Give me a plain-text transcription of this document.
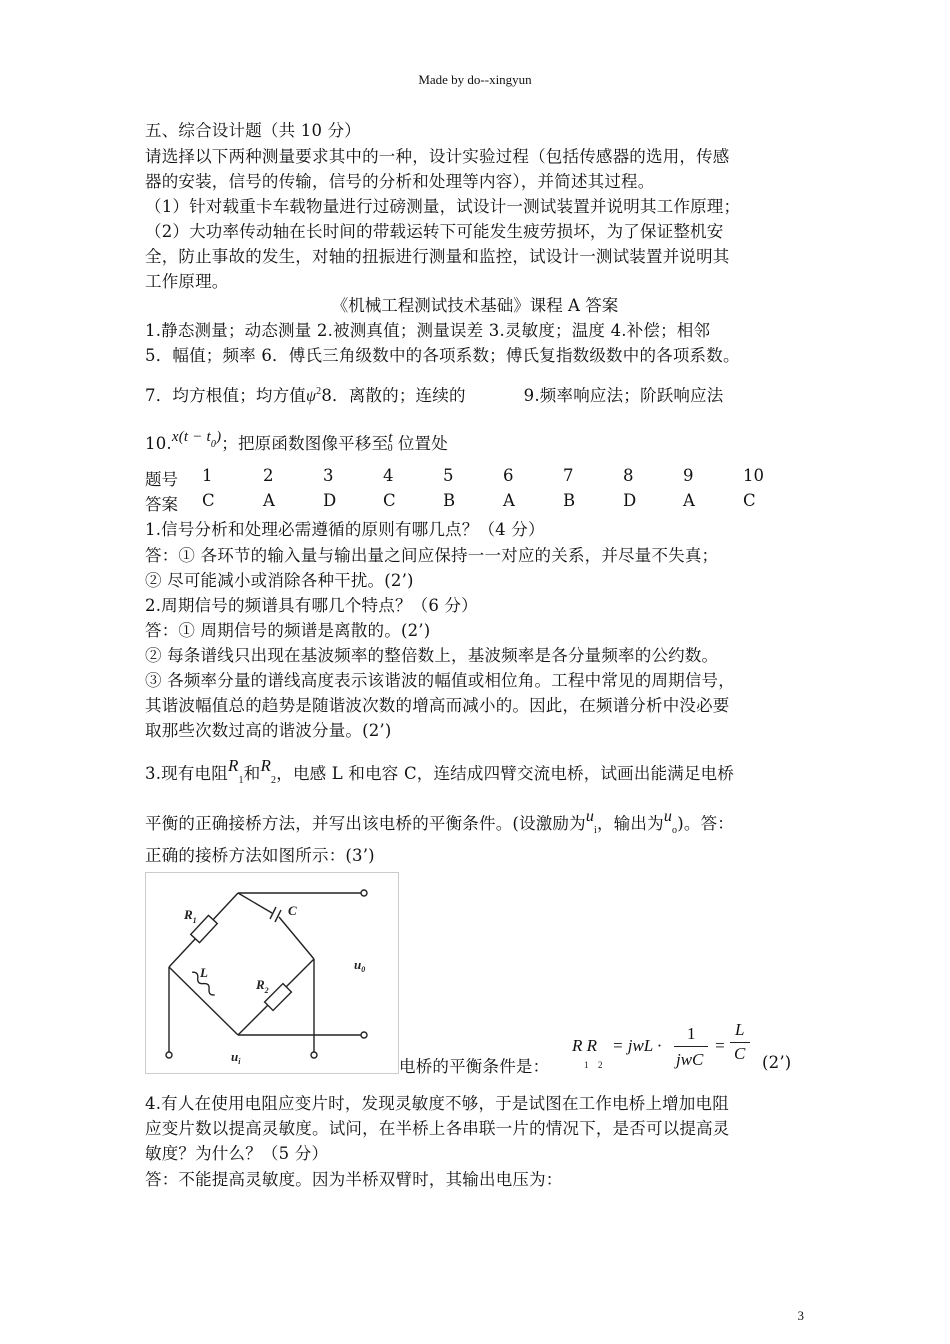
Made by do--xingyun
五、综合设计题（共 10 分）
请选择以下两种测量要求其中的一种，设计实验过程（包括传感器的选用，传感
器的安装，信号的传输，信号的分析和处理等内容），并简述其过程。
（1）针对载重卡车载物量进行过磅测量，试设计一测试装置并说明其工作原理；
（2）大功率传动轴在长时间的带载运转下可能发生疲劳损坏，为了保证整机安
全，防止事故的发生，对轴的扭振进行测量和监控，试设计一测试装置并说明其
工作原理。
《机械工程测试技术基础》课程 A 答案
1.静态测量；动态测量 2.被测真值；测量误差 3.灵敏度；温度 4.补偿；相邻
5．幅值；频率 6．傅氏三角级数中的各项系数；傅氏复指数级数中的各项系数。
7．均方根值；均方值$\psi^28$．离散的；连续的	9.频率响应法；阶跃响应法
$10.x(t - t_0)$；把原函数图像平移至t0 位置处
题号 1	2	3	4	5	6	7	8	9	10
答案 C	A	D	C	B	A	B	D	A	C
1.信号分析和处理必需遵循的原则有哪几点？（4 分）
答：① 各环节的输入量与输出量之间应保持一一对应的关系，并尽量不失真；
② 尽可能减小或消除各种干扰。(2’)
2.周期信号的频谱具有哪几个特点？（6 分）
答：① 周期信号的频谱是离散的。(2’)
② 每条谱线只出现在基波频率的整倍数上，基波频率是各分量频率的公约数。
③ 各频率分量的谱线高度表示该谐波的幅值或相位角。工程中常见的周期信号，
其谐波幅值总的趋势是随谐波次数的增高而减小的。因此，在频谱分析中没必要
取那些次数过高的谐波分量。(2’)
3.现有电阻$R_1$和$R_2$，电感 L 和电容 C，连结成四臂交流电桥，试画出能满足电桥
平衡的正确接桥方法，并写出该电桥的平衡条件。(设激励为$u_i$，输出为$u_o$)。答：
正确的接桥方法如图所示：(3’)
$R_1$
C
L
$R_2$
$u_0$
$u_i$	电桥的平衡条件是：
R R
1 2
= jwL ·
1
jwC
=
L
C (2’)
4.有人在使用电阻应变片时，发现灵敏度不够，于是试图在工作电桥上增加电阻
应变片数以提高灵敏度。试问，在半桥上各串联一片的情况下，是否可以提高灵
敏度？为什么？（5 分）
答：不能提高灵敏度。因为半桥双臂时，其输出电压为：
3
